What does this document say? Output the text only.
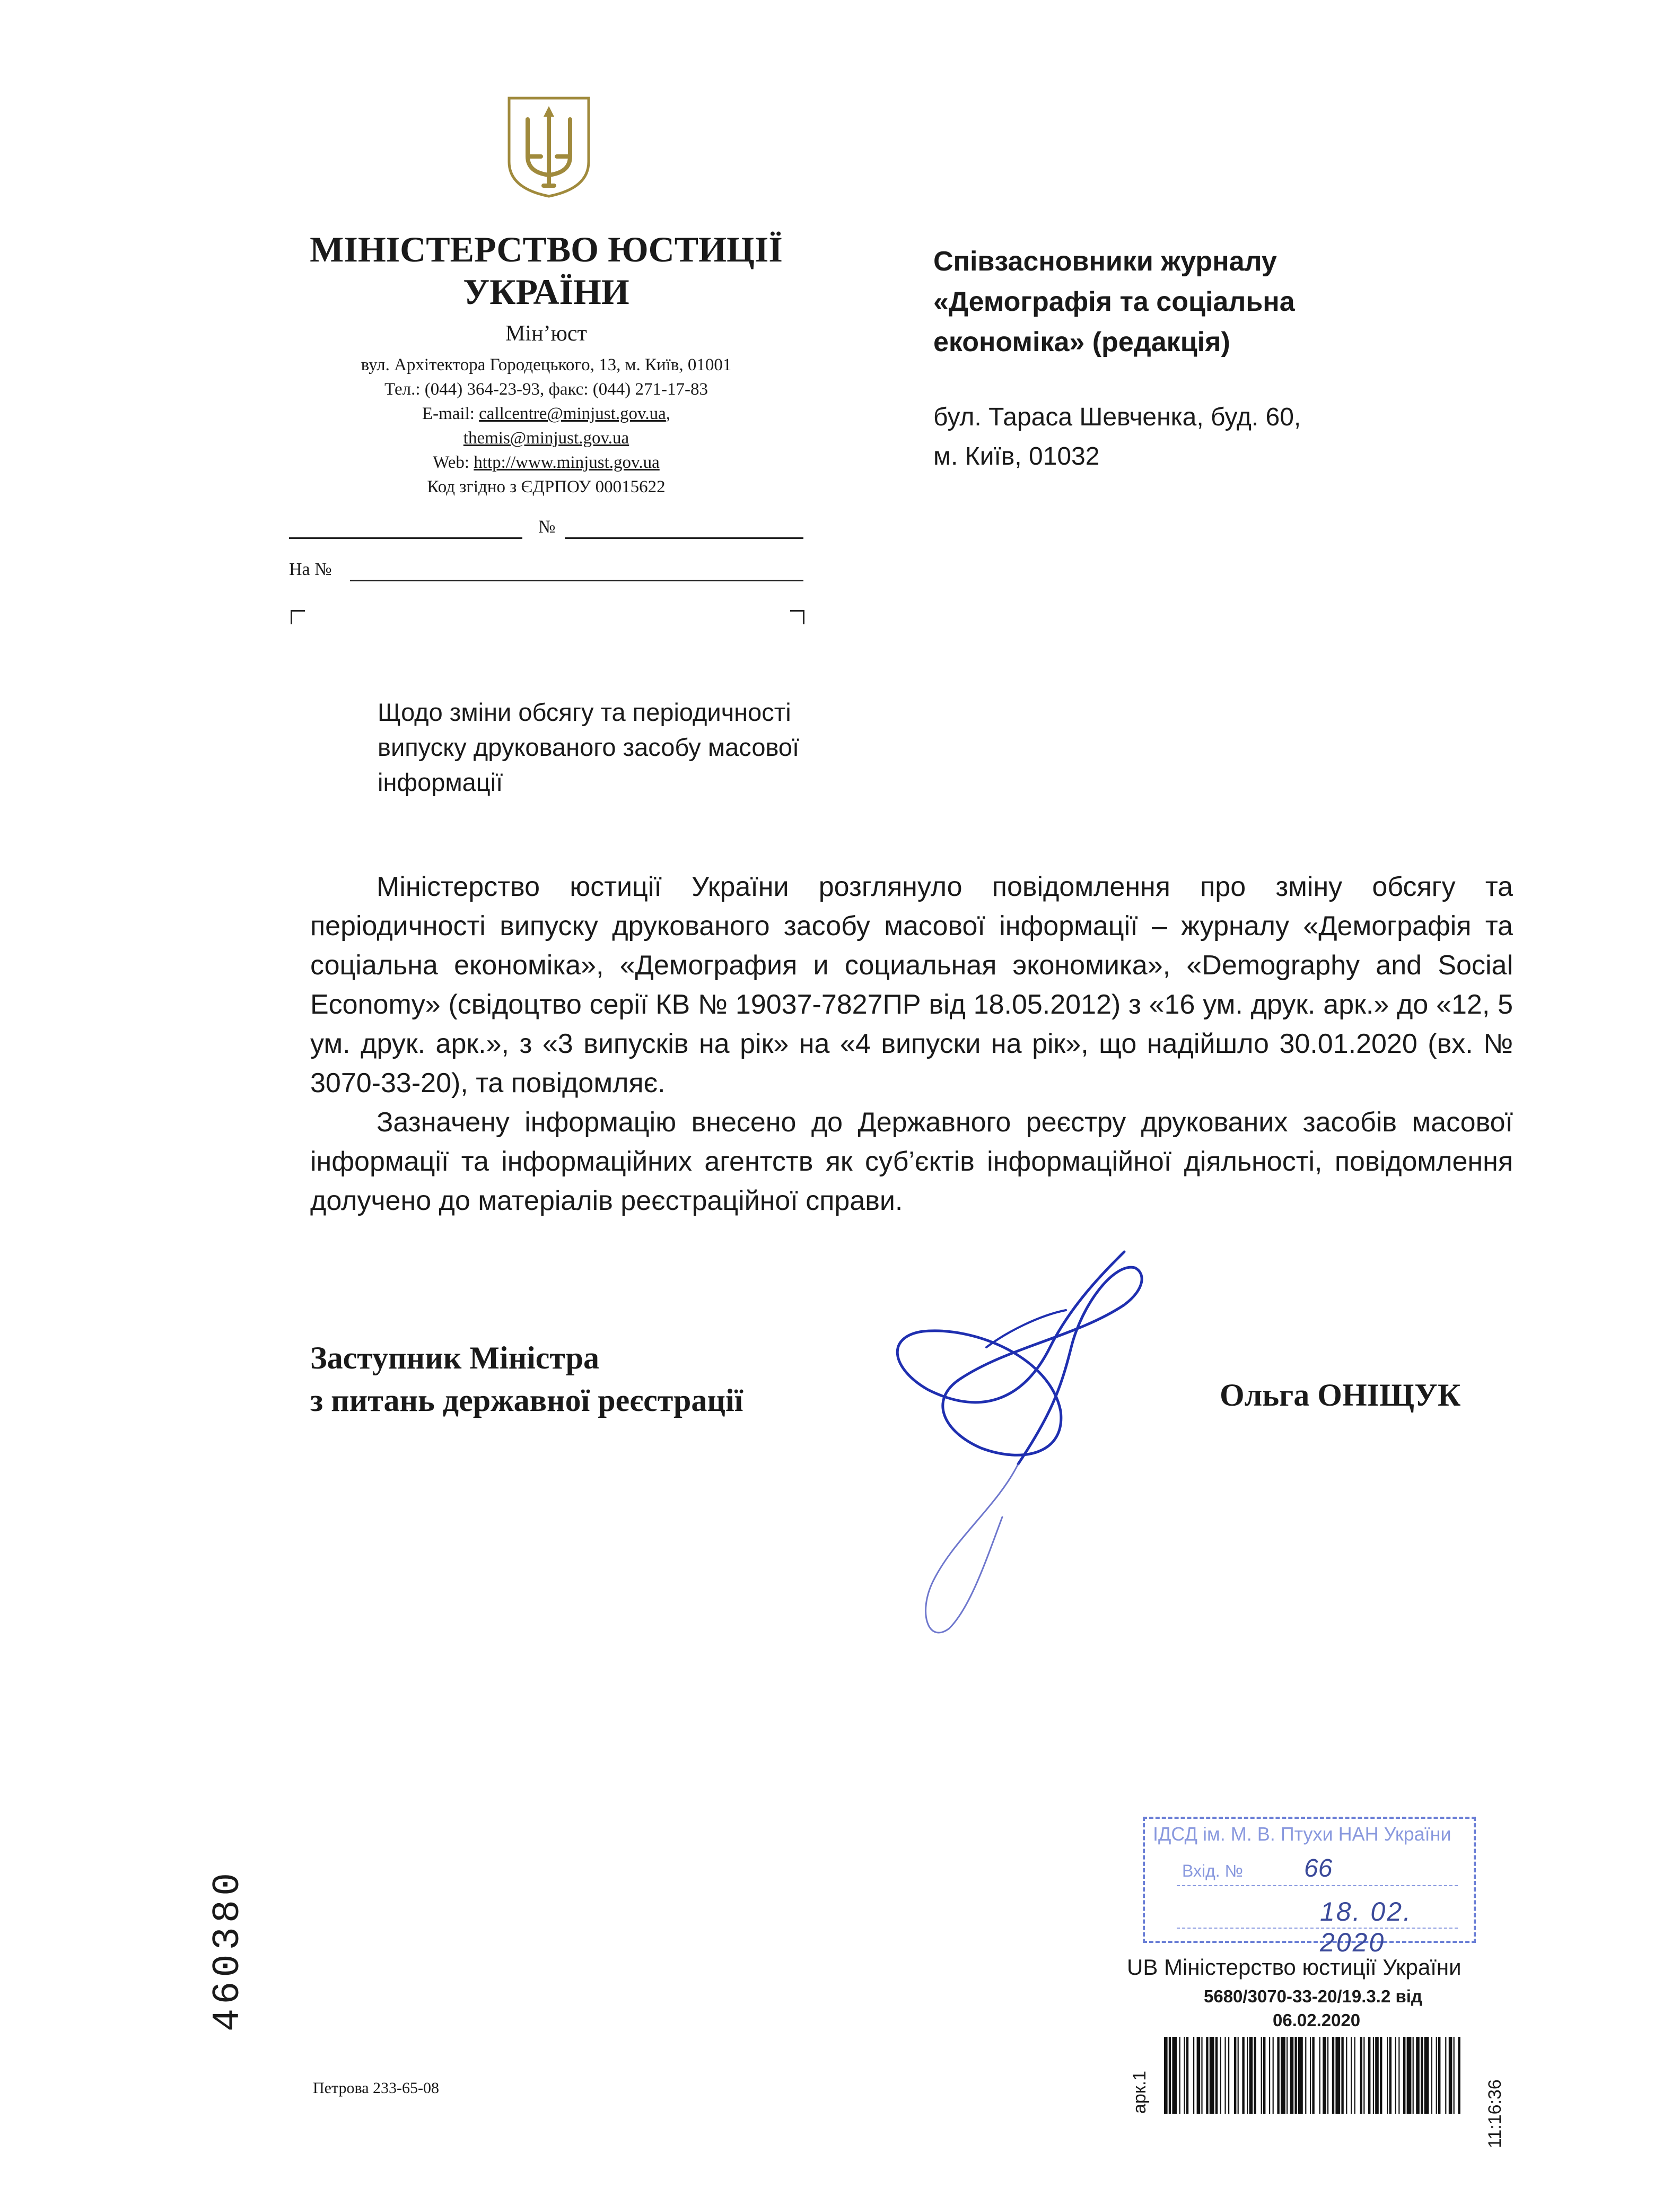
МІНІСТЕРСТВО ЮСТИЦІЇ УКРАЇНИ
Мін’юст
вул. Архітектора Городецького, 13, м. Київ, 01001
Тел.: (044) 364-23-93, факс: (044) 271-17-83
E-mail: callcentre@minjust.gov.ua,
themis@minjust.gov.ua
Web: http://www.minjust.gov.ua
Код згідно з ЄДРПОУ 00015622
№
На №
Співзасновники журналу
«Демографія та соціальна
економіка» (редакція)
бул. Тараса Шевченка, буд. 60,
м. Київ, 01032
Щодо зміни обсягу та періодичності
випуску друкованого засобу масової
інформації

Міністерство юстиції України розглянуло повідомлення про зміну обсягу та періодичності випуску друкованого засобу масової інформації – журналу «Демографія та соціальна економіка», «Демография и социальная экономика», «Demography and Social Economy» (свідоцтво серії КВ № 19037-7827ПР від 18.05.2012) з «16 ум. друк. арк.» до «12, 5 ум. друк. арк.», з «3 випусків на рік» на «4 випуски на рік», що надійшло 30.01.2020 (вх. № 3070-33-20), та повідомляє.

Зазначену інформацію внесено до Державного реєстру друкованих засобів масової інформації та інформаційних агентств як суб’єктів інформаційної діяльності, повідомлення долучено до матеріалів реєстраційної справи.

Заступник Міністра
з питань державної реєстрації	Ольга ОНІЩУК
460380
ІДСД ім. М. В. Птухи НАН України
Вхід. № 66
18. 02. 2020
UB Міністерство юстиції України
5680/3070-33-20/19.3.2 від
06.02.2020
арк.1	11:16:36
Петрова 233-65-08
